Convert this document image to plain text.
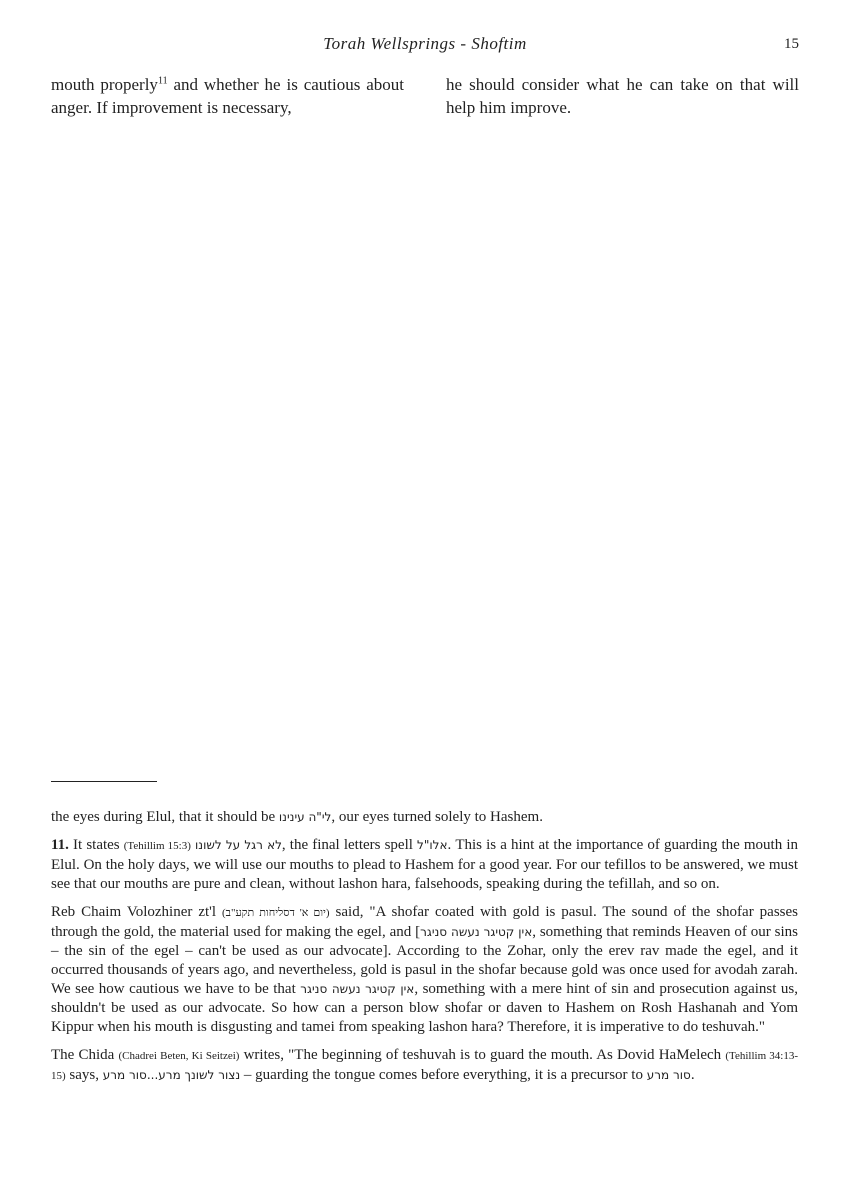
Torah Wellsprings - Shoftim	15
mouth properly$^{11}$ and whether he is cautious about anger. If improvement is necessary,
he should consider what he can take on that will help him improve.

the eyes during Elul, that it should be לי"ה עינינו, our eyes turned solely to Hashem.

11. It states (Tehillim 15:3) לא רגל על לשונו, the final letters spell אלו"ל. This is a hint at the importance of guarding the mouth in Elul. On the holy days, we will use our mouths to plead to Hashem for a good year. For our tefillos to be answered, we must see that our mouths are pure and clean, without lashon hara, falsehoods, speaking during the tefillah, and so on.

Reb Chaim Volozhiner zt'l (יום א' דסליחות תקע"ב) said, "A shofar coated with gold is pasul. The sound of the shofar passes through the gold, the material used for making the egel, and [אין קטיגר נעשה סניגר, something that reminds Heaven of our sins – the sin of the egel – can't be used as our advocate]. According to the Zohar, only the erev rav made the egel, and it occurred thousands of years ago, and nevertheless, gold is pasul in the shofar because gold was once used for avodah zarah. We see how cautious we have to be that אין קטיגר נעשה סניגר, something with a mere hint of sin and prosecution against us, shouldn't be used as our advocate. So how can a person blow shofar or daven to Hashem on Rosh Hashanah and Yom Kippur when his mouth is disgusting and tamei from speaking lashon hara? Therefore, it is imperative to do teshuvah."

The Chida (Chadrei Beten, Ki Seitzei) writes, "The beginning of teshuvah is to guard the mouth. As Dovid HaMelech (Tehillim 34:13-15) says, נצור לשונך מרע...סור מרע – guarding the tongue comes before everything, it is a precursor to סור מרע.
